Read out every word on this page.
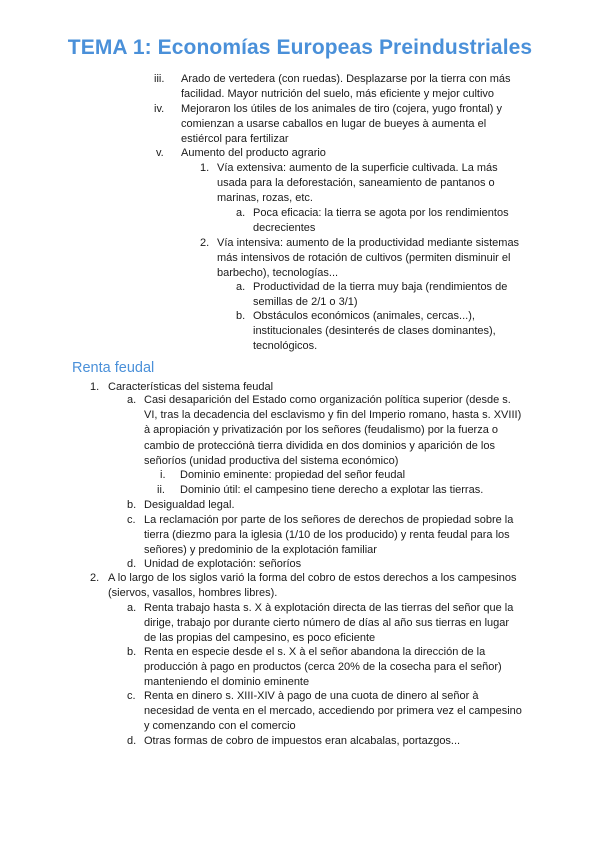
TEMA 1: Economías Europeas Preindustriales
iii. Arado de vertedera (con ruedas). Desplazarse por la tierra con más
facilidad. Mayor nutrición del suelo, más eficiente y mejor cultivo
iv. Mejoraron los útiles de los animales de tiro (cojera, yugo frontal) y
comienzan a usarse caballos en lugar de bueyes à aumenta el
estiércol para fertilizar
v. Aumento del producto agrario
1. Vía extensiva: aumento de la superficie cultivada. La más
usada para la deforestación, saneamiento de pantanos o
marinas, rozas, etc.
a. Poca eficacia: la tierra se agota por los rendimientos
decrecientes
2. Vía intensiva: aumento de la productividad mediante sistemas
más intensivos de rotación de cultivos (permiten disminuir el
barbecho), tecnologías...
a. Productividad de la tierra muy baja (rendimientos de
semillas de 2/1 o 3/1)
b. Obstáculos económicos (animales, cercas...),
institucionales (desinterés de clases dominantes),
tecnológicos.
Renta feudal
1. Características del sistema feudal
a. Casi desaparición del Estado como organización política superior (desde s.
VI, tras la decadencia del esclavismo y fin del Imperio romano, hasta s. XVIII)
à apropiación y privatización por los señores (feudalismo) por la fuerza o
cambio de protecciónà tierra dividida en dos dominios y aparición de los
señoríos (unidad productiva del sistema económico)
i. Dominio eminente: propiedad del señor feudal
ii. Dominio útil: el campesino tiene derecho a explotar las tierras.
b. Desigualdad legal.
c. La reclamación por parte de los señores de derechos de propiedad sobre la
tierra (diezmo para la iglesia (1/10 de los producido) y renta feudal para los
señores) y predominio de la explotación familiar
d. Unidad de explotación: señoríos
2. A lo largo de los siglos varió la forma del cobro de estos derechos a los campesinos
(siervos, vasallos, hombres libres).
a. Renta trabajo hasta s. X à explotación directa de las tierras del señor que la
dirige, trabajo por durante cierto número de días al año sus tierras en lugar
de las propias del campesino, es poco eficiente
b. Renta en especie desde el s. X à el señor abandona la dirección de la
producción à pago en productos (cerca 20% de la cosecha para el señor)
manteniendo el dominio eminente
c. Renta en dinero s. XIII-XIV à pago de una cuota de dinero al señor à
necesidad de venta en el mercado, accediendo por primera vez el campesino
y comenzando con el comercio
d. Otras formas de cobro de impuestos eran alcabalas, portazgos...
